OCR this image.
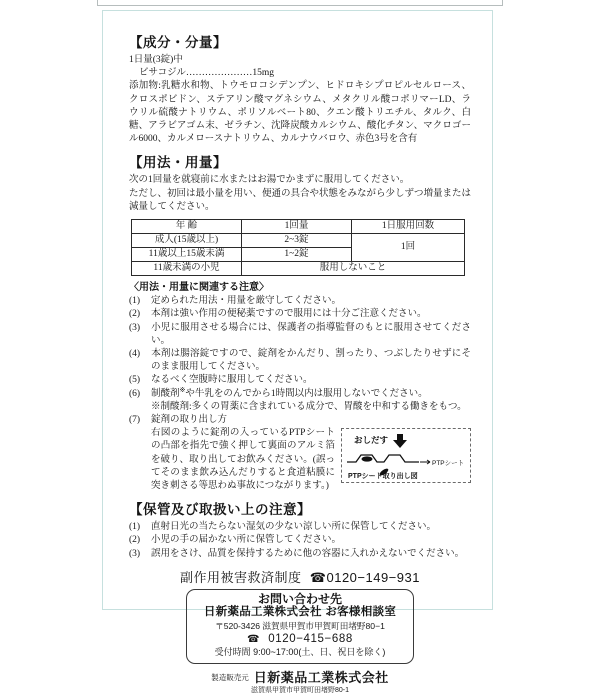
【成分・分量】

1日量(3錠)中

ビサコジル…………………15mg

添加物:乳糖水和物、トウモロコシデンプン、ヒドロキシプロピルセルロース、クロスポビドン、ステアリン酸マグネシウム、メタクリル酸コポリマーLD、ラウリル硫酸ナトリウム、ポリソルベート80、クエン酸トリエチル、タルク、白糖、アラビアゴム末、ゼラチン、沈降炭酸カルシウム、酸化チタン、マクロゴール6000、カルメロースナトリウム、カルナウバロウ、赤色3号を含有

【用法・用量】

次の1回量を就寝前に水またはお湯でかまずに服用してください。

ただし、初回は最小量を用い、便通の具合や状態をみながら少しずつ増量または減量してください。

年 齢	1回量	1日服用回数
成人(15歳以上)	2~3錠	1回
11歳以上15歳未満	1~2錠	
11歳未満の小児	服用しないこと	
〈用法・用量に関連する注意〉

(1) 定められた用法・用量を厳守してください。

(2) 本剤は強い作用の便秘薬ですので服用には十分ご注意ください。

(3) 小児に服用させる場合には、保護者の指導監督のもとに服用させてください。

(4) 本剤は腸溶錠ですので、錠剤をかんだり、割ったり、つぶしたりせずにそのまま服用してください。

(5) なるべく空腹時に服用してください。

(6) 制酸剤※や牛乳をのんでから1時間以内は服用しないでください。

※制酸剤:多くの胃薬に含まれている成分で、胃酸を中和する働きをもつ。

(7) 錠剤の取り出し方

おしだす
PTPシート
PTPシート取り出し図
右図のように錠剤の入っているPTPシートの凸部を指先で強く押して裏面のアルミ箔を破り、取り出してお飲みください。(誤ってそのまま飲み込んだりすると食道粘膜に突き刺さる等思わぬ事故につながります。)
【保管及び取扱い上の注意】

(1) 直射日光の当たらない湿気の少ない涼しい所に保管してください。

(2) 小児の手の届かない所に保管してください。

(3) 誤用をさけ、品質を保持するために他の容器に入れかえないでください。

副作用被害救済制度 ☎0120−149−931
お問い合わせ先
日新薬品工業株式会社 お客様相談室
〒520-3426 滋賀県甲賀市甲賀町田堵野80−1
☎ 0120−415−688
受付時間 9:00~17:00(土、日、祝日を除く)
$^{製造販売元}$ 日新薬品工業株式会社
滋賀県甲賀市甲賀町田堵野80-1
